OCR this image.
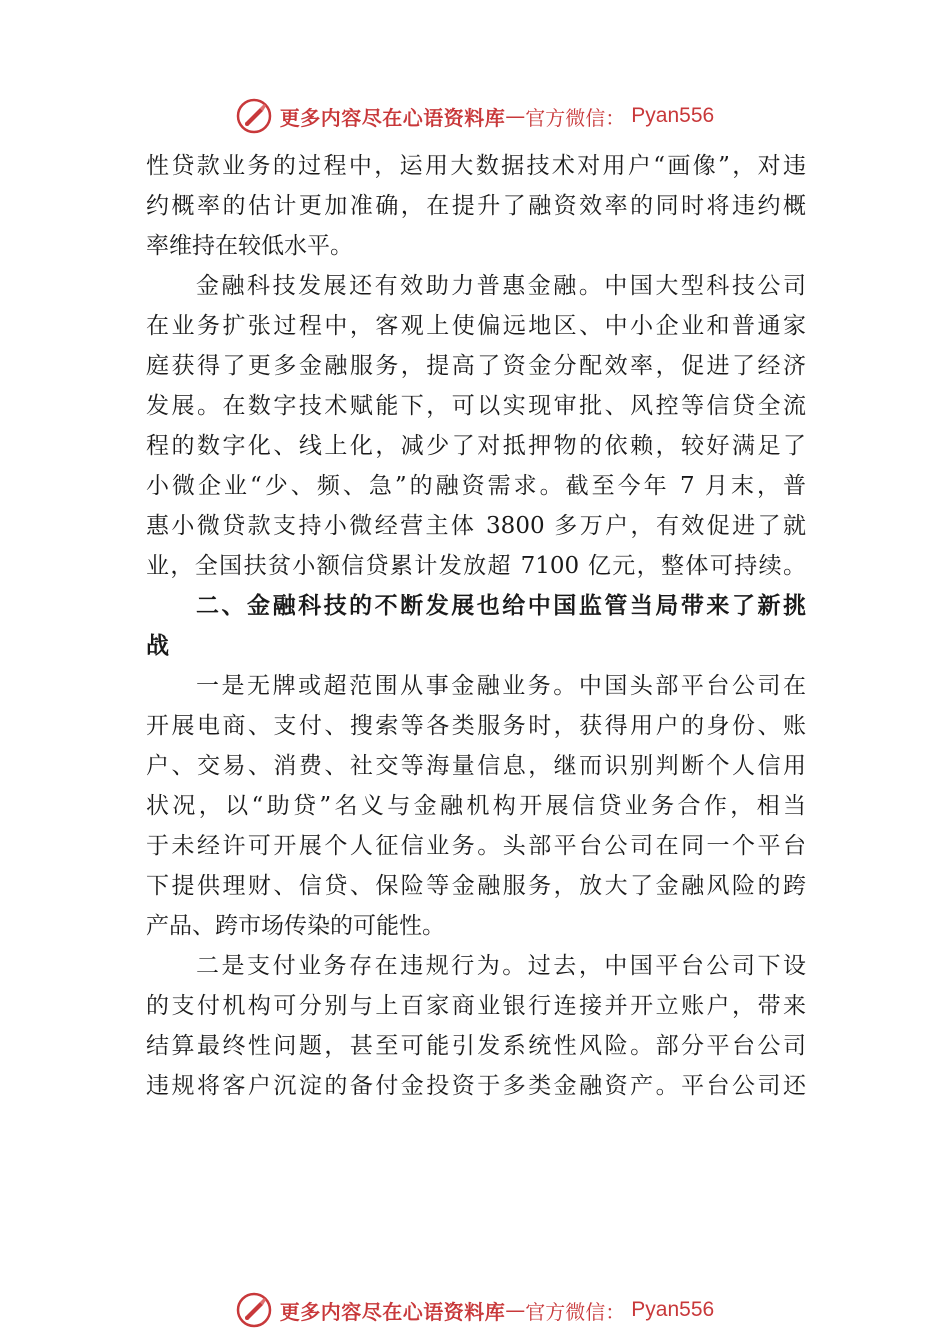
更多内容尽在心语资料库 — 官方微信： Pyan556
性贷款业务的过程中，运用大数据技术对用户“画像”，对违
约概率的估计更加准确，在提升了融资效率的同时将违约概
率维持在较低水平。
金融科技发展还有效助力普惠金融。中国大型科技公司
在业务扩张过程中，客观上使偏远地区、中小企业和普通家
庭获得了更多金融服务，提高了资金分配效率，促进了经济
发展。在数字技术赋能下，可以实现审批、风控等信贷全流
程的数字化、线上化，减少了对抵押物的依赖，较好满足了
小微企业“少、频、急”的融资需求。截至今年 7 月末，普
惠小微贷款支持小微经营主体 3800 多万户，有效促进了就
业，全国扶贫小额信贷累计发放超 7100 亿元，整体可持续。
二、金融科技的不断发展也给中国监管当局带来了新挑
战
一是无牌或超范围从事金融业务。中国头部平台公司在
开展电商、支付、搜索等各类服务时，获得用户的身份、账
户、交易、消费、社交等海量信息，继而识别判断个人信用
状况，以“助贷”名义与金融机构开展信贷业务合作，相当
于未经许可开展个人征信业务。头部平台公司在同一个平台
下提供理财、信贷、保险等金融服务，放大了金融风险的跨
产品、跨市场传染的可能性。
二是支付业务存在违规行为。过去，中国平台公司下设
的支付机构可分别与上百家商业银行连接并开立账户，带来
结算最终性问题，甚至可能引发系统性风险。部分平台公司
违规将客户沉淀的备付金投资于多类金融资产。平台公司还
更多内容尽在心语资料库 — 官方微信： Pyan556
